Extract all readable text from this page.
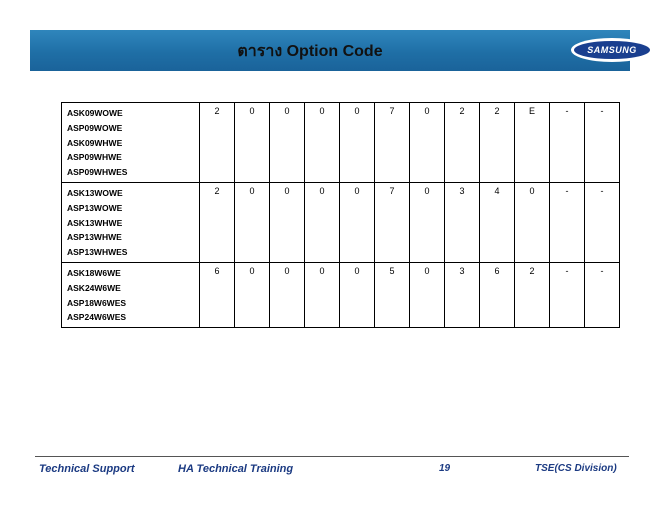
ตาราง Option Code	SAMSUNG
ASK09WOWE
ASP09WOWE
ASK09WHWE
ASP09WHWE
ASP09WHWES	2	0	0	0	0	7	0	2	2	E	-	-

ASK13WOWE
ASP13WOWE
ASK13WHWE
ASP13WHWE
ASP13WHWES	2	0	0	0	0	7	0	3	4	0	-	-

ASK18W6WE
ASK24W6WE
ASP18W6WES
ASP24W6WES	6	0	0	0	0	5	0	3	6	2	-	-
Technical Support	HA Technical Training	19	TSE(CS Division)
